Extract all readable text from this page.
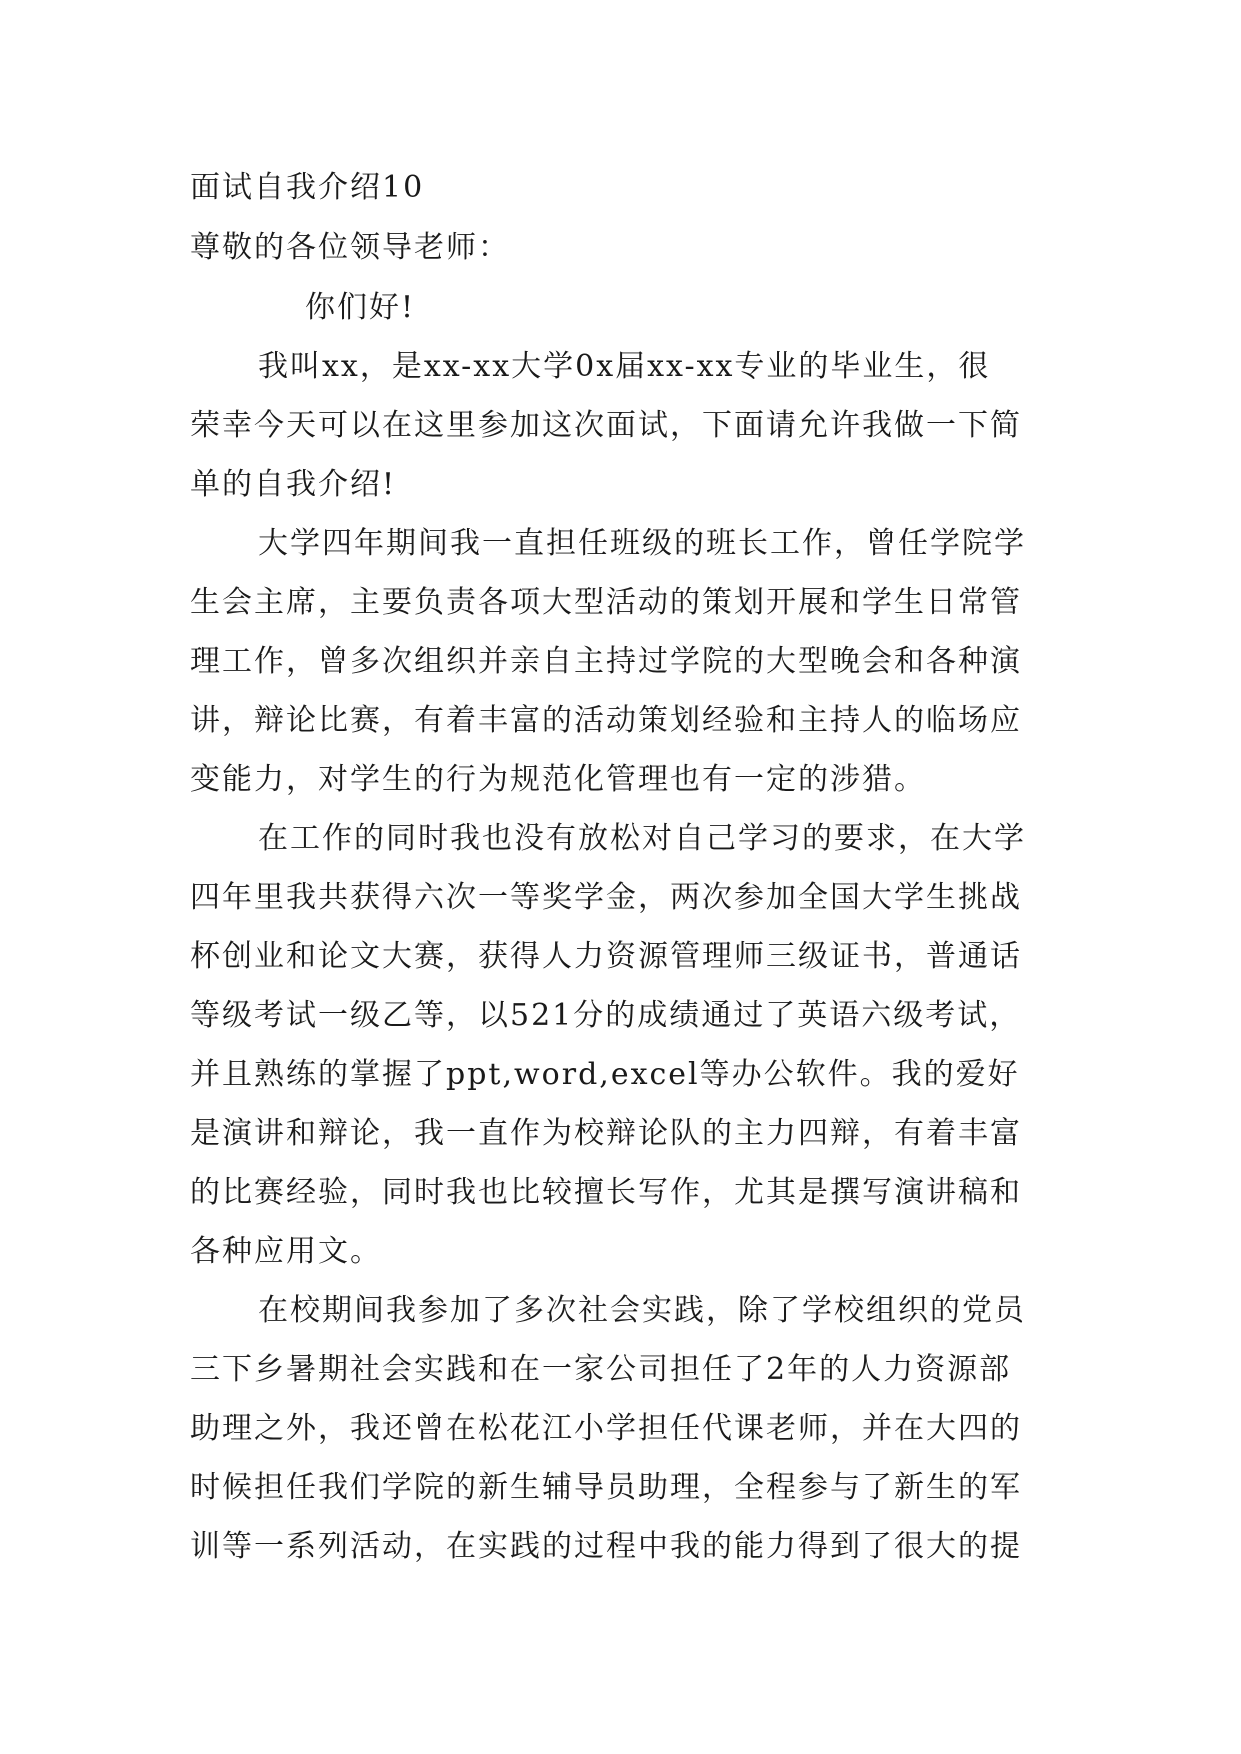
面试自我介绍10
尊敬的各位领导老师：
你们好!
我叫xx，是xx-xx大学0x届xx-xx专业的毕业生，很
荣幸今天可以在这里参加这次面试，下面请允许我做一下简
单的自我介绍!
大学四年期间我一直担任班级的班长工作，曾任学院学
生会主席，主要负责各项大型活动的策划开展和学生日常管
理工作，曾多次组织并亲自主持过学院的大型晚会和各种演
讲，辩论比赛，有着丰富的活动策划经验和主持人的临场应
变能力，对学生的行为规范化管理也有一定的涉猎。
在工作的同时我也没有放松对自己学习的要求，在大学
四年里我共获得六次一等奖学金，两次参加全国大学生挑战
杯创业和论文大赛，获得人力资源管理师三级证书，普通话
等级考试一级乙等，以521分的成绩通过了英语六级考试，
并且熟练的掌握了ppt,word,excel等办公软件。我的爱好
是演讲和辩论，我一直作为校辩论队的主力四辩，有着丰富
的比赛经验，同时我也比较擅长写作，尤其是撰写演讲稿和
各种应用文。
在校期间我参加了多次社会实践，除了学校组织的党员
三下乡暑期社会实践和在一家公司担任了2年的人力资源部
助理之外，我还曾在松花江小学担任代课老师，并在大四的
时候担任我们学院的新生辅导员助理，全程参与了新生的军
训等一系列活动，在实践的过程中我的能力得到了很大的提
